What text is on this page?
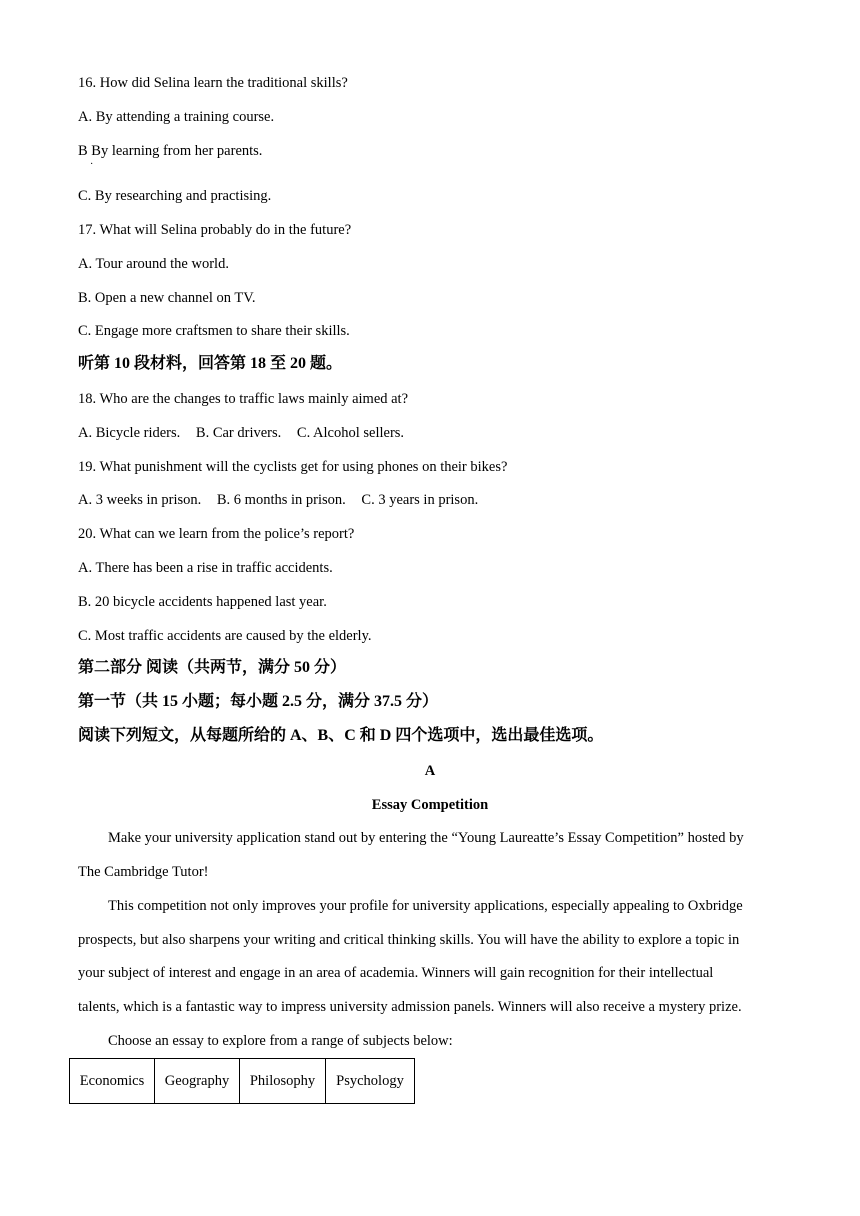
16. How did Selina learn the traditional skills?
A. By attending a training course.
B By learning from her parents.
·
C. By researching and practising.
17. What will Selina probably do in the future?
A. Tour around the world.
B. Open a new channel on TV.
C. Engage more craftsmen to share their skills.
听第 10 段材料，回答第 18 至 20 题。
18. Who are the changes to traffic laws mainly aimed at?
A. Bicycle riders. B. Car drivers. C. Alcohol sellers.
19. What punishment will the cyclists get for using phones on their bikes?
A. 3 weeks in prison. B. 6 months in prison. C. 3 years in prison.
20. What can we learn from the police’s report?
A. There has been a rise in traffic accidents.
B. 20 bicycle accidents happened last year.
C. Most traffic accidents are caused by the elderly.
第二部分 阅读（共两节，满分 50 分）
第一节（共 15 小题；每小题 2.5 分，满分 37.5 分）
阅读下列短文，从每题所给的 A、B、C 和 D 四个选项中，选出最佳选项。
A
Essay Competition
Make your university application stand out by entering the “Young Laureatte’s Essay Competition” hosted by
The Cambridge Tutor!
This competition not only improves your profile for university applications, especially appealing to Oxbridge
prospects, but also sharpens your writing and critical thinking skills. You will have the ability to explore a topic in
your subject of interest and engage in an area of academia. Winners will gain recognition for their intellectual
talents, which is a fantastic way to impress university admission panels. Winners will also receive a mystery prize.
Choose an essay to explore from a range of subjects below:
Economics	Geography	Philosophy	Psychology
